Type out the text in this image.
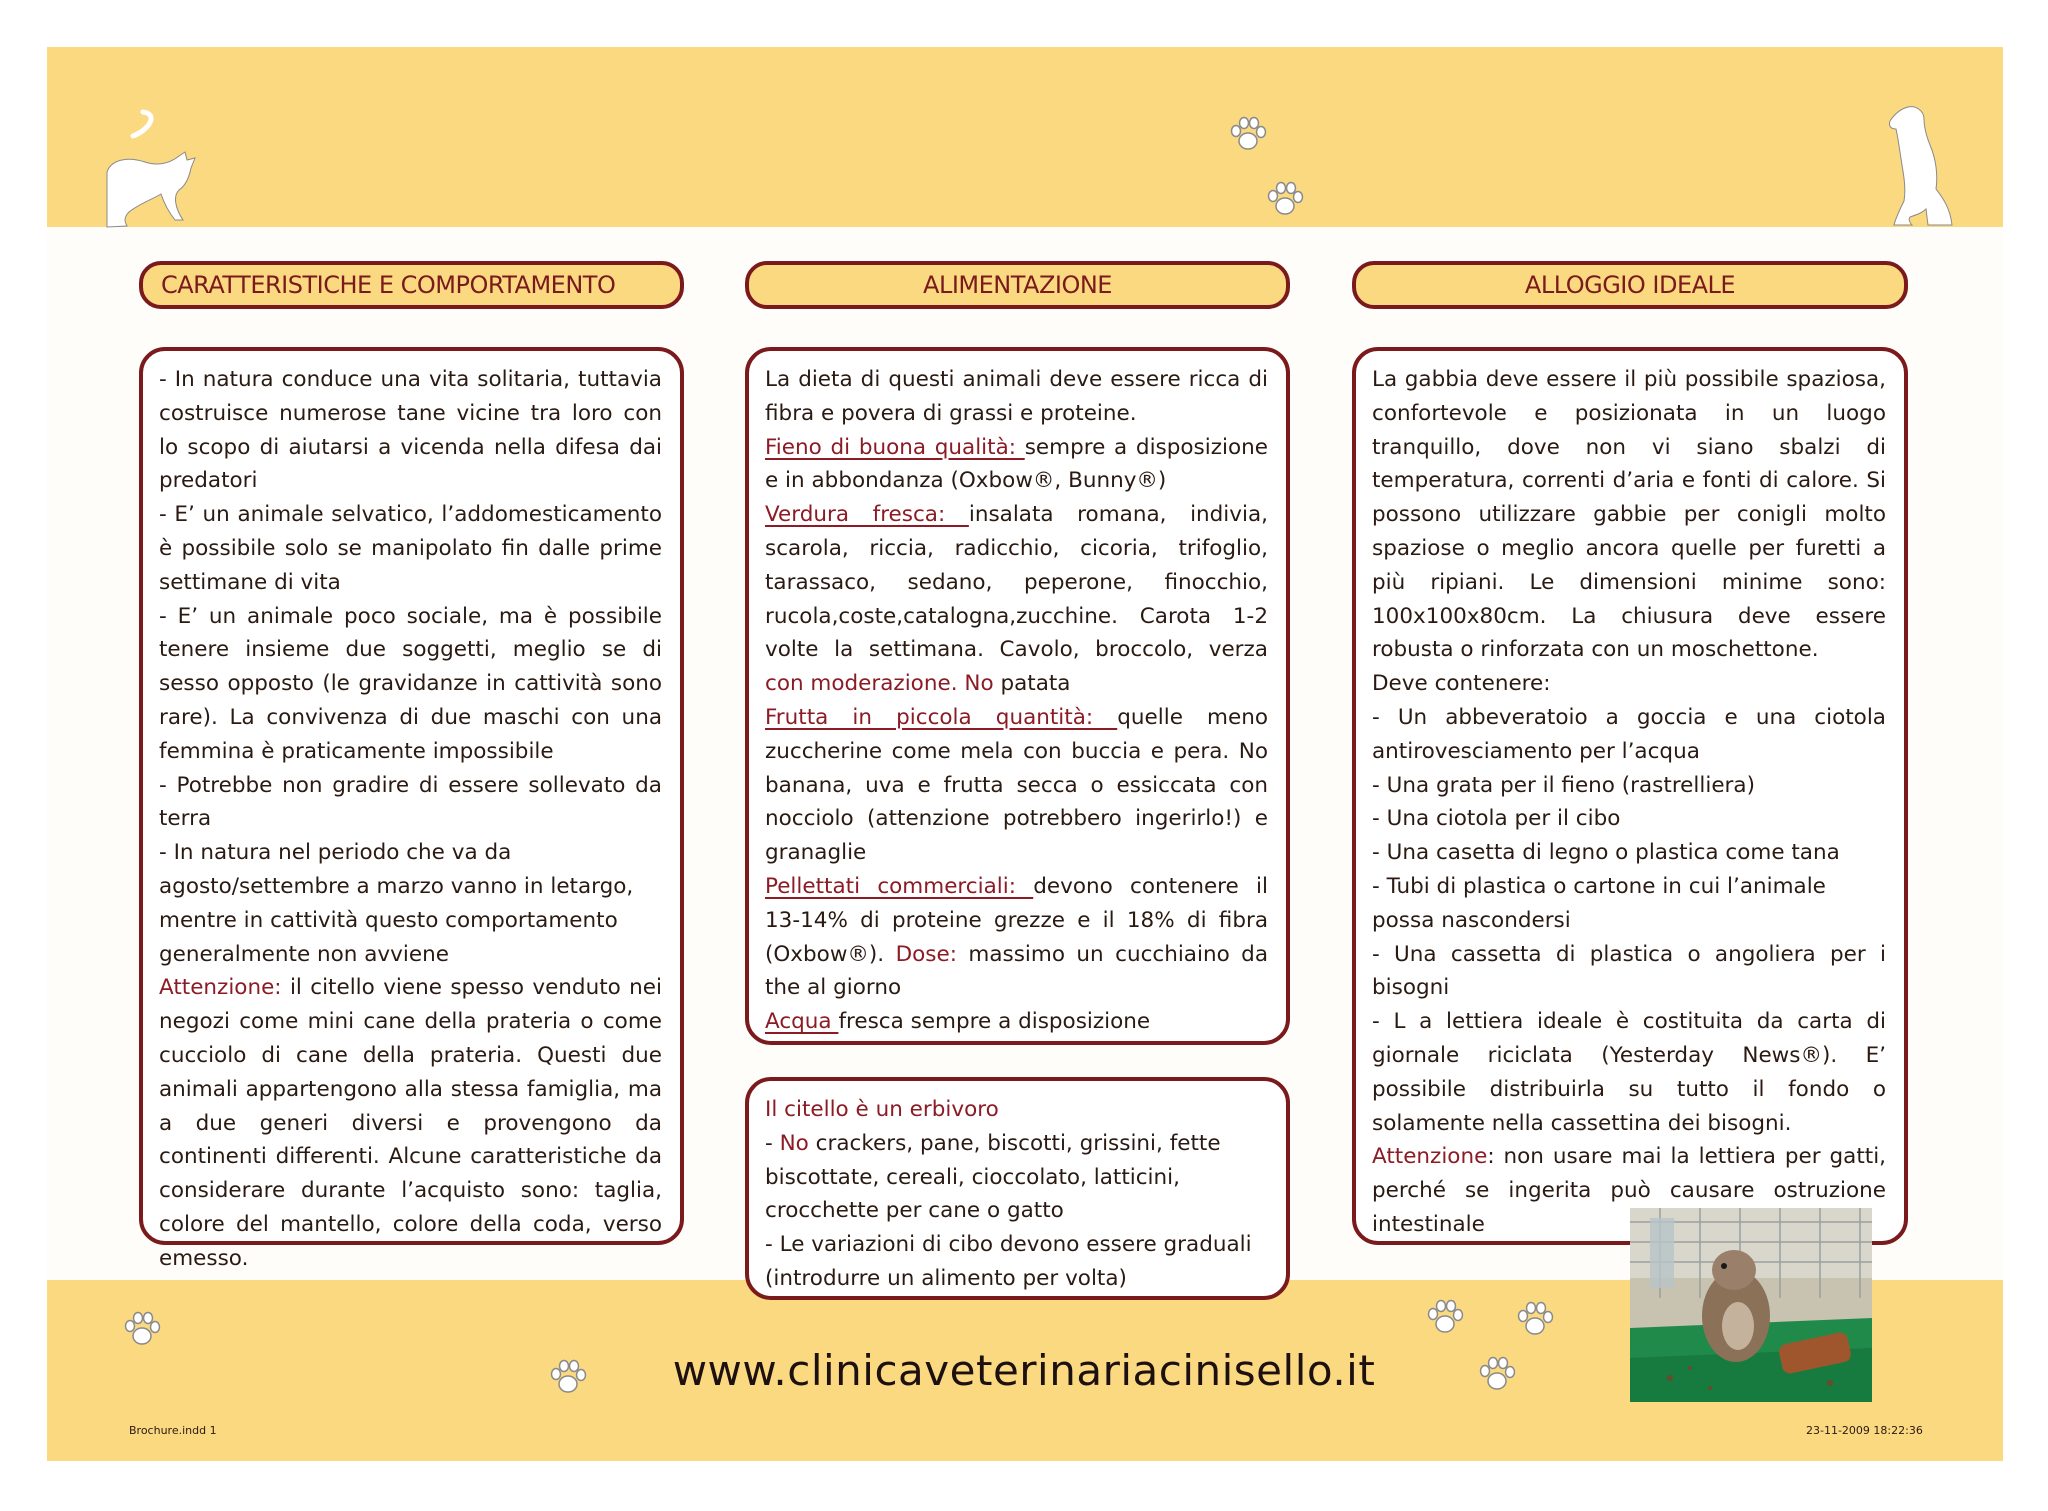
CARATTERISTICHE E COMPORTAMENTO	ALIMENTAZIONE	ALLOGGIO IDEALE

- In natura conduce una vita solitaria, tuttavia costruisce numerose tane vicine tra loro con lo scopo di aiutarsi a vicenda nella difesa dai predatori

- E’ un animale selvatico, l’addomesticamento è possibile solo se manipolato fin dalle prime settimane di vita

- E’ un animale poco sociale, ma è possibile tenere insieme due soggetti, meglio se di sesso opposto (le gravidanze in cattività sono rare). La convivenza di due maschi con una femmina è praticamente impossibile

- Potrebbe non gradire di essere sollevato da terra

- In natura nel periodo che va da

agosto/settembre a marzo vanno in letargo,

mentre in cattività questo comportamento

generalmente non avviene

Attenzione: il citello viene spesso venduto nei negozi come mini cane della prateria o come cucciolo di cane della prateria. Questi due animali appartengono alla stessa famiglia, ma a due generi diversi e provengono da continenti differenti. Alcune caratteristiche da considerare durante l’acquisto sono: taglia, colore del mantello, colore della coda, verso emesso.

La dieta di questi animali deve essere ricca di fibra e povera di grassi e proteine.

Fieno di buona qualità: sempre a disposizione e in abbondanza (Oxbow®, Bunny®)

Verdura fresca: insalata romana, indivia, scarola, riccia, radicchio, cicoria, trifoglio, tarassaco, sedano, peperone, finocchio, rucola,coste,catalogna,zucchine. Carota 1-2 volte la settimana. Cavolo, broccolo, verza con moderazione. No patata

Frutta in piccola quantità: quelle meno zuccherine come mela con buccia e pera. No banana, uva e frutta secca o essiccata con nocciolo (attenzione potrebbero ingerirlo!) e granaglie

Pellettati commerciali: devono contenere il 13-14% di proteine grezze e il 18% di fibra (Oxbow®). Dose: massimo un cucchiaino da the al giorno

Acqua fresca sempre a disposizione

Il citello è un erbivoro

- No crackers, pane, biscotti, grissini, fette biscottate, cereali, cioccolato, latticini, crocchette per cane o gatto

- Le variazioni di cibo devono essere graduali (introdurre un alimento per volta)

La gabbia deve essere il più possibile spaziosa, confortevole e posizionata in un luogo tranquillo, dove non vi siano sbalzi di temperatura, correnti d’aria e fonti di calore. Si possono utilizzare gabbie per conigli molto spaziose o meglio ancora quelle per furetti a più ripiani. Le dimensioni minime sono: 100x100x80cm. La chiusura deve essere robusta o rinforzata con un moschettone.

Deve contenere:

- Un abbeveratoio a goccia e una ciotola antirovesciamento per l’acqua

- Una grata per il fieno (rastrelliera)

- Una ciotola per il cibo

- Una casetta di legno o plastica come tana

- Tubi di plastica o cartone in cui l’animale possa nascondersi

- Una cassetta di plastica o angoliera per i bisogni

- L a lettiera ideale è costituita da carta di giornale riciclata (Yesterday News®). E’ possibile distribuirla su tutto il fondo o solamente nella cassettina dei bisogni.

Attenzione: non usare mai la lettiera per gatti, perché se ingerita può causare ostruzione intestinale

www.clinicaveterinariacinisello.it
Brochure.indd 1	23-11-2009 18:22:36
